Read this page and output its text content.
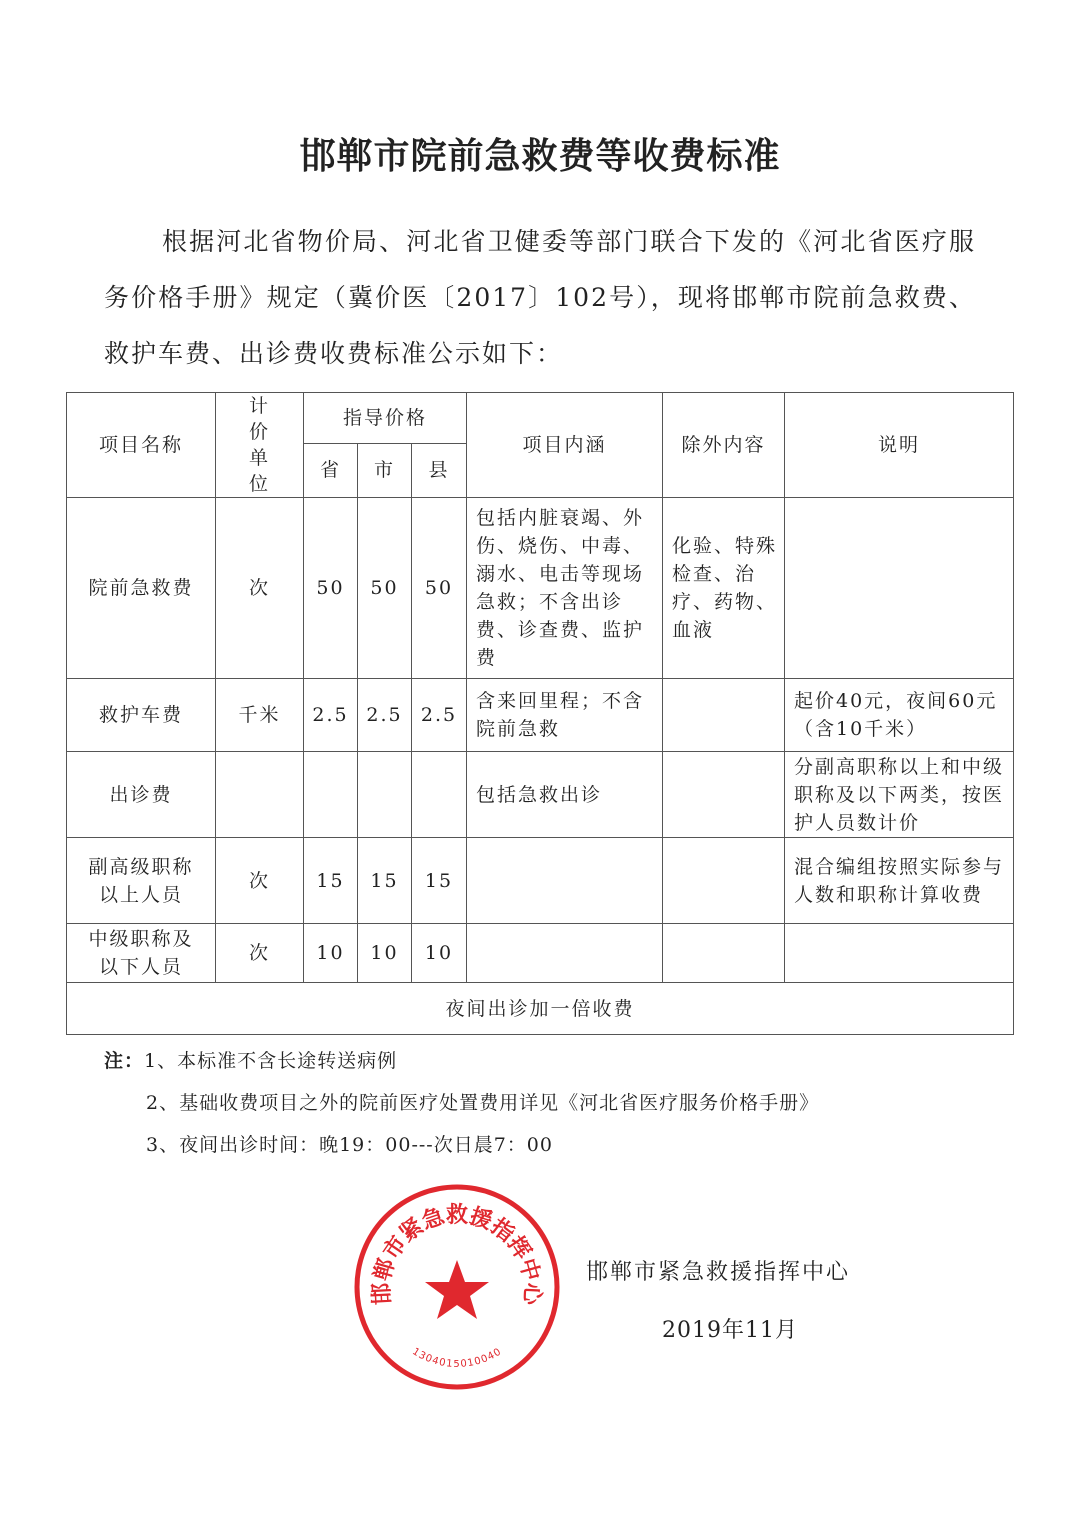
邯郸市院前急救费等收费标准
根据河北省物价局、河北省卫健委等部门联合下发的《河北省医疗服务价格手册》规定（冀价医〔2017〕102号），现将邯郸市院前急救费、救护车费、出诊费收费标准公示如下：
项目名称	计价单位	指导价格			项目内涵	除外内容	说明
		省	市	县			
院前急救费	次	50	50	50	包括内脏衰竭、外伤、烧伤、中毒、溺水、电击等现场急救；不含出诊费、诊查费、监护费	化验、特殊检查、治疗、药物、血液	
救护车费	千米	2.5	2.5	2.5	含来回里程；不含院前急救		起价40元，夜间60元（含10千米）
出诊费					包括急救出诊		分副高职称以上和中级职称及以下两类，按医护人员数计价
副高级职称以上人员	次	15	15	15			混合编组按照实际参与人数和职称计算收费
中级职称及以下人员	次	10	10	10			
夜间出诊加一倍收费							
注：1、本标准不含长途转送病例
2、基础收费项目之外的院前医疗处置费用详见《河北省医疗服务价格手册》
3、夜间出诊时间：晚19：00---次日晨7：00
邯郸市紧急救援指挥中心
1304015010040
邯郸市紧急救援指挥中心
2019年11月
